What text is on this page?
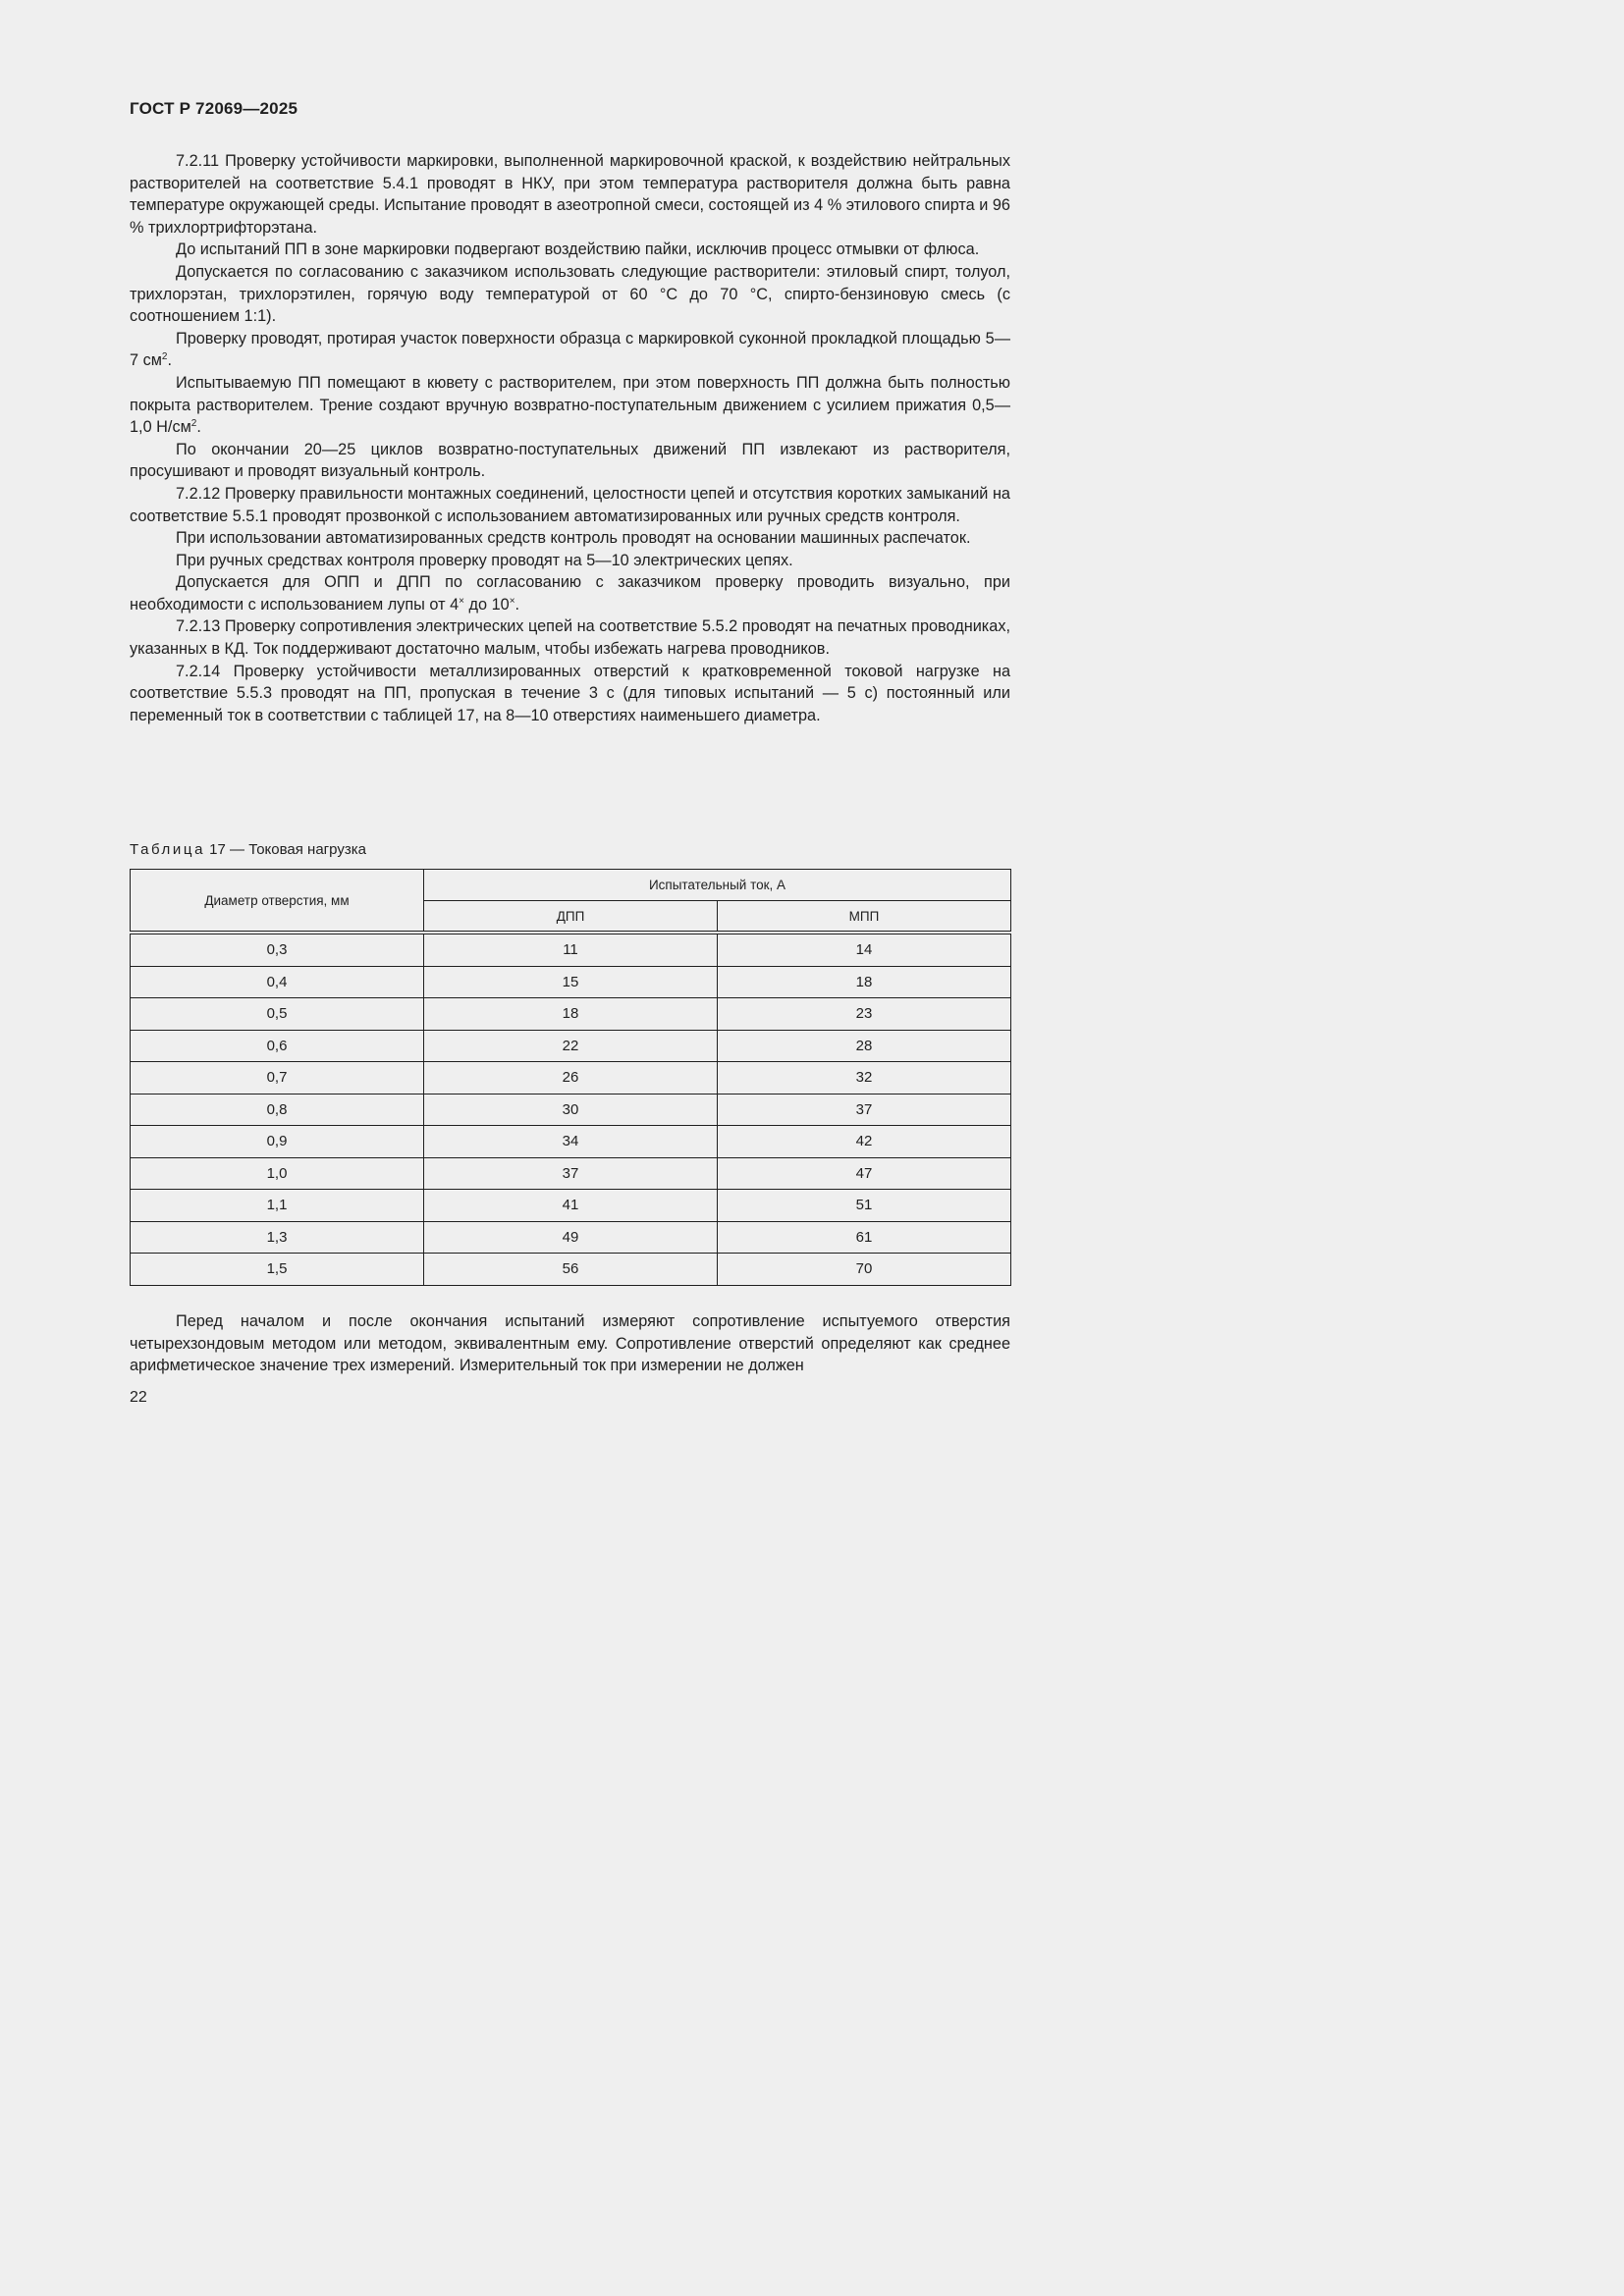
ГОСТ Р 72069—2025

7.2.11 Проверку устойчивости маркировки, выполненной маркировочной краской, к воздействию нейтральных растворителей на соответствие 5.4.1 проводят в НКУ, при этом температура растворителя должна быть равна температуре окружающей среды. Испытание проводят в азеотропной смеси, состоящей из 4 % этилового спирта и 96 % трихлортрифторэтана.

До испытаний ПП в зоне маркировки подвергают воздействию пайки, исключив процесс отмывки от флюса.

Допускается по согласованию с заказчиком использовать следующие растворители: этиловый спирт, толуол, трихлорэтан, трихлорэтилен, горячую воду температурой от 60 °С до 70 °С, спирто-бензиновую смесь (с соотношением 1:1).

Проверку проводят, протирая участок поверхности образца с маркировкой суконной прокладкой площадью 5—7 $см^2$.

Испытываемую ПП помещают в кювету с растворителем, при этом поверхность ПП должна быть полностью покрыта растворителем. Трение создают вручную возвратно-поступательным движением с усилием прижатия 0,5—1,0 $Н/см^2$.

По окончании 20—25 циклов возвратно-поступательных движений ПП извлекают из растворителя, просушивают и проводят визуальный контроль.

7.2.12 Проверку правильности монтажных соединений, целостности цепей и отсутствия коротких замыканий на соответствие 5.5.1 проводят прозвонкой с использованием автоматизированных или ручных средств контроля.

При использовании автоматизированных средств контроль проводят на основании машинных распечаток.

При ручных средствах контроля проверку проводят на 5—10 электрических цепях.

Допускается для ОПП и ДПП по согласованию с заказчиком проверку проводить визуально, при необходимости с использованием лупы от 4× до 10×.

7.2.13 Проверку сопротивления электрических цепей на соответствие 5.5.2 проводят на печатных проводниках, указанных в КД. Ток поддерживают достаточно малым, чтобы избежать нагрева проводников.

7.2.14 Проверку устойчивости металлизированных отверстий к кратковременной токовой нагрузке на соответствие 5.5.3 проводят на ПП, пропуская в течение 3 с (для типовых испытаний — 5 с) постоянный или переменный ток в соответствии с таблицей 17, на 8—10 отверстиях наименьшего диаметра.

Таблица 17 — Токовая нагрузка
Диаметр отверстия, мм	Испытательный ток, А	
	ДПП	МПП
0,3	11	14
0,4	15	18
0,5	18	23
0,6	22	28
0,7	26	32
0,8	30	37
0,9	34	42
1,0	37	47
1,1	41	51
1,3	49	61
1,5	56	70

Перед началом и после окончания испытаний измеряют сопротивление испытуемого отверстия четырехзондовым методом или методом, эквивалентным ему. Сопротивление отверстий определяют как среднее арифметическое значение трех измерений. Измерительный ток при измерении не должен

22
